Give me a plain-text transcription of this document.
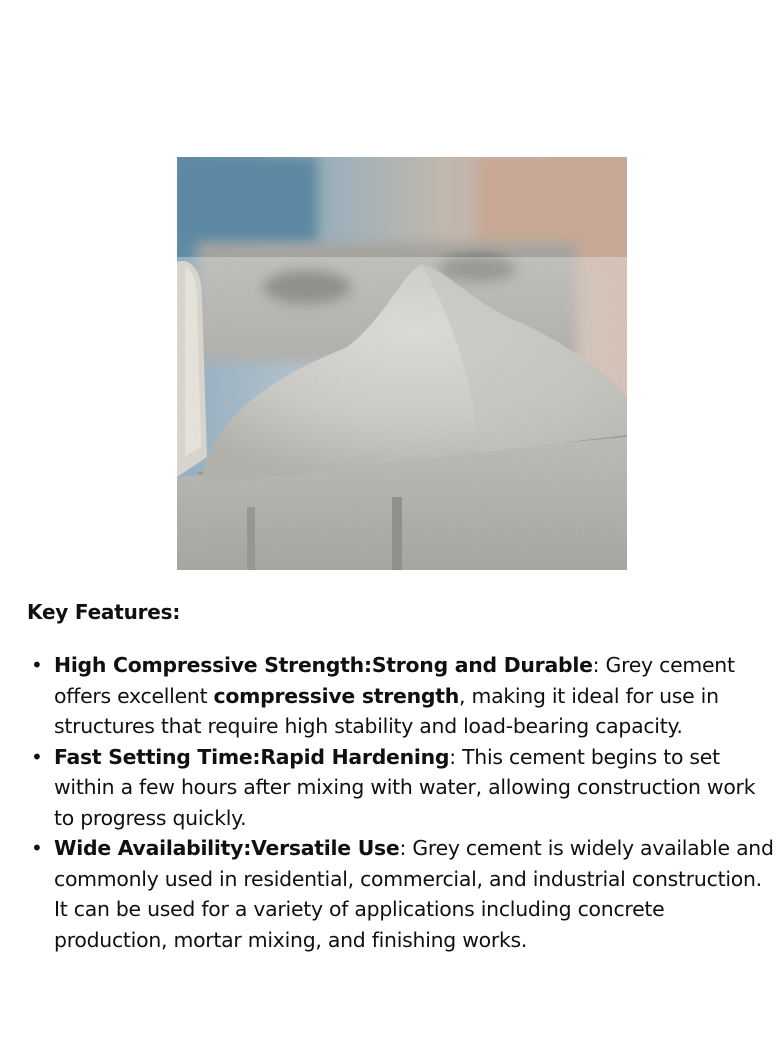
Key Features:
• High Compressive Strength:Strong and Durable: Grey cement offers excellent compressive strength, making it ideal for use in structures that require high stability and load-bearing capacity.
• Fast Setting Time:Rapid Hardening: This cement begins to set within a few hours after mixing with water, allowing construction work to progress quickly.
• Wide Availability:Versatile Use: Grey cement is widely available and commonly used in residential, commercial, and industrial construction. It can be used for a variety of applications including concrete production, mortar mixing, and finishing works.
